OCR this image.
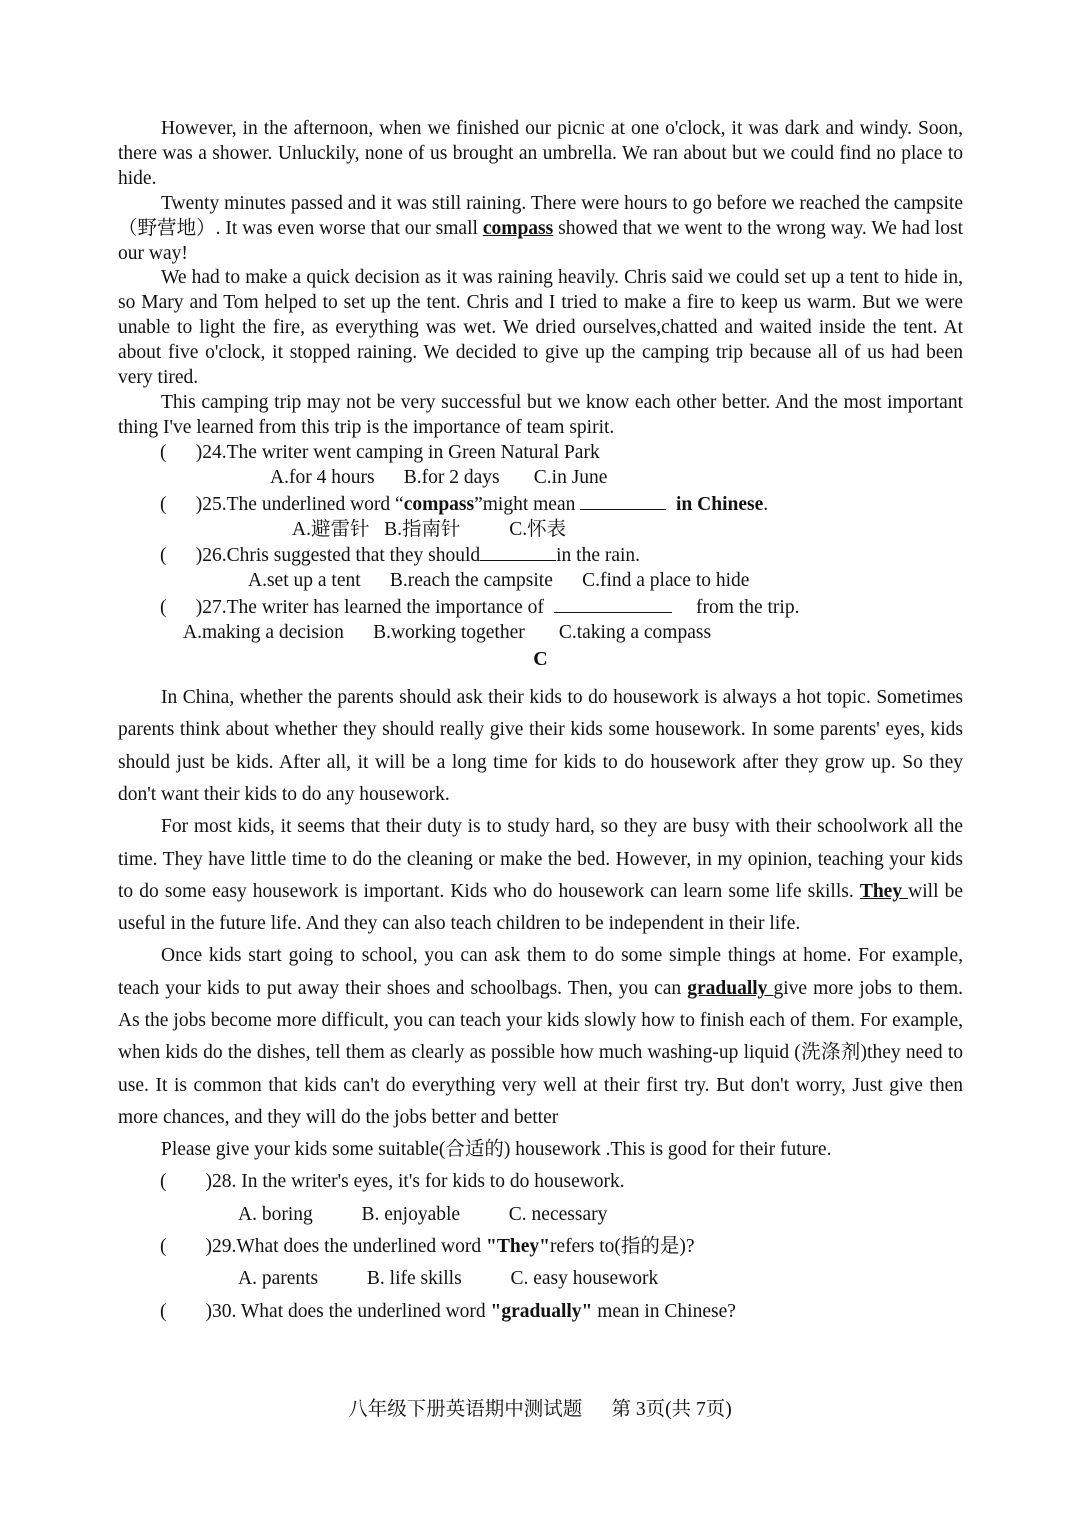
However, in the afternoon, when we finished our picnic at one o'clock, it was dark and windy. Soon, there was a shower. Unluckily, none of us brought an umbrella. We ran about but we could find no place to hide.

Twenty minutes passed and it was still raining. There were hours to go before we reached the campsite（野营地）. It was even worse that our small compass showed that we went to the wrong way. We had lost our way!

We had to make a quick decision as it was raining heavily. Chris said we could set up a tent to hide in, so Mary and Tom helped to set up the tent. Chris and I tried to make a fire to keep us warm. But we were unable to light the fire, as everything was wet. We dried ourselves,chatted and waited inside the tent. At about five o'clock, it stopped raining. We decided to give up the camping trip because all of us had been very tired.

This camping trip may not be very successful but we know each other better. And the most important thing I've learned from this trip is the importance of team spirit.

(      )24.The writer went camping in Green Natural Park

A.for 4 hours      B.for 2 days       C.in June

(      )25.The underlined word “compass”might mean	in Chinese.

A.避雷针   B.指南针          C.怀表

(      )26.Chris suggested that they should	in the rain.

A.set up a tent      B.reach the campsite      C.find a place to hide

(      )27.The writer has learned the importance of	from the trip.

A.making a decision      B.working together       C.taking a compass

C

In China, whether the parents should ask their kids to do housework is always a hot topic. Sometimes parents think about whether they should really give their kids some housework. In some parents' eyes, kids should just be kids. After all, it will be a long time for kids to do housework after they grow up. So they don't want their kids to do any housework.

For most kids, it seems that their duty is to study hard, so they are busy with their schoolwork all the time. They have little time to do the cleaning or make the bed. However, in my opinion, teaching your kids to do some easy housework is important. Kids who do housework can learn some life skills. They will be useful in the future life. And they can also teach children to be independent in their life.

Once kids start going to school, you can ask them to do some simple things at home. For example, teach your kids to put away their shoes and schoolbags. Then, you can gradually give more jobs to them. As the jobs become more difficult, you can teach your kids slowly how to finish each of them. For example, when kids do the dishes, tell them as clearly as possible how much washing-up liquid (洗涤剂)they need to use. It is common that kids can't do everything very well at their first try. But don't worry, Just give then more chances, and they will do the jobs better and better

Please give your kids some suitable(合适的) housework .This is good for their future.

(        )28. In the writer's eyes, it's for kids to do housework.

A. boring          B. enjoyable          C. necessary

(        )29.What does the underlined word "They"refers to(指的是)?

A. parents          B. life skills          C. easy housework

(        )30. What does the underlined word "gradually" mean in Chinese?

八年级下册英语期中测试题      第 3页(共 7页)
